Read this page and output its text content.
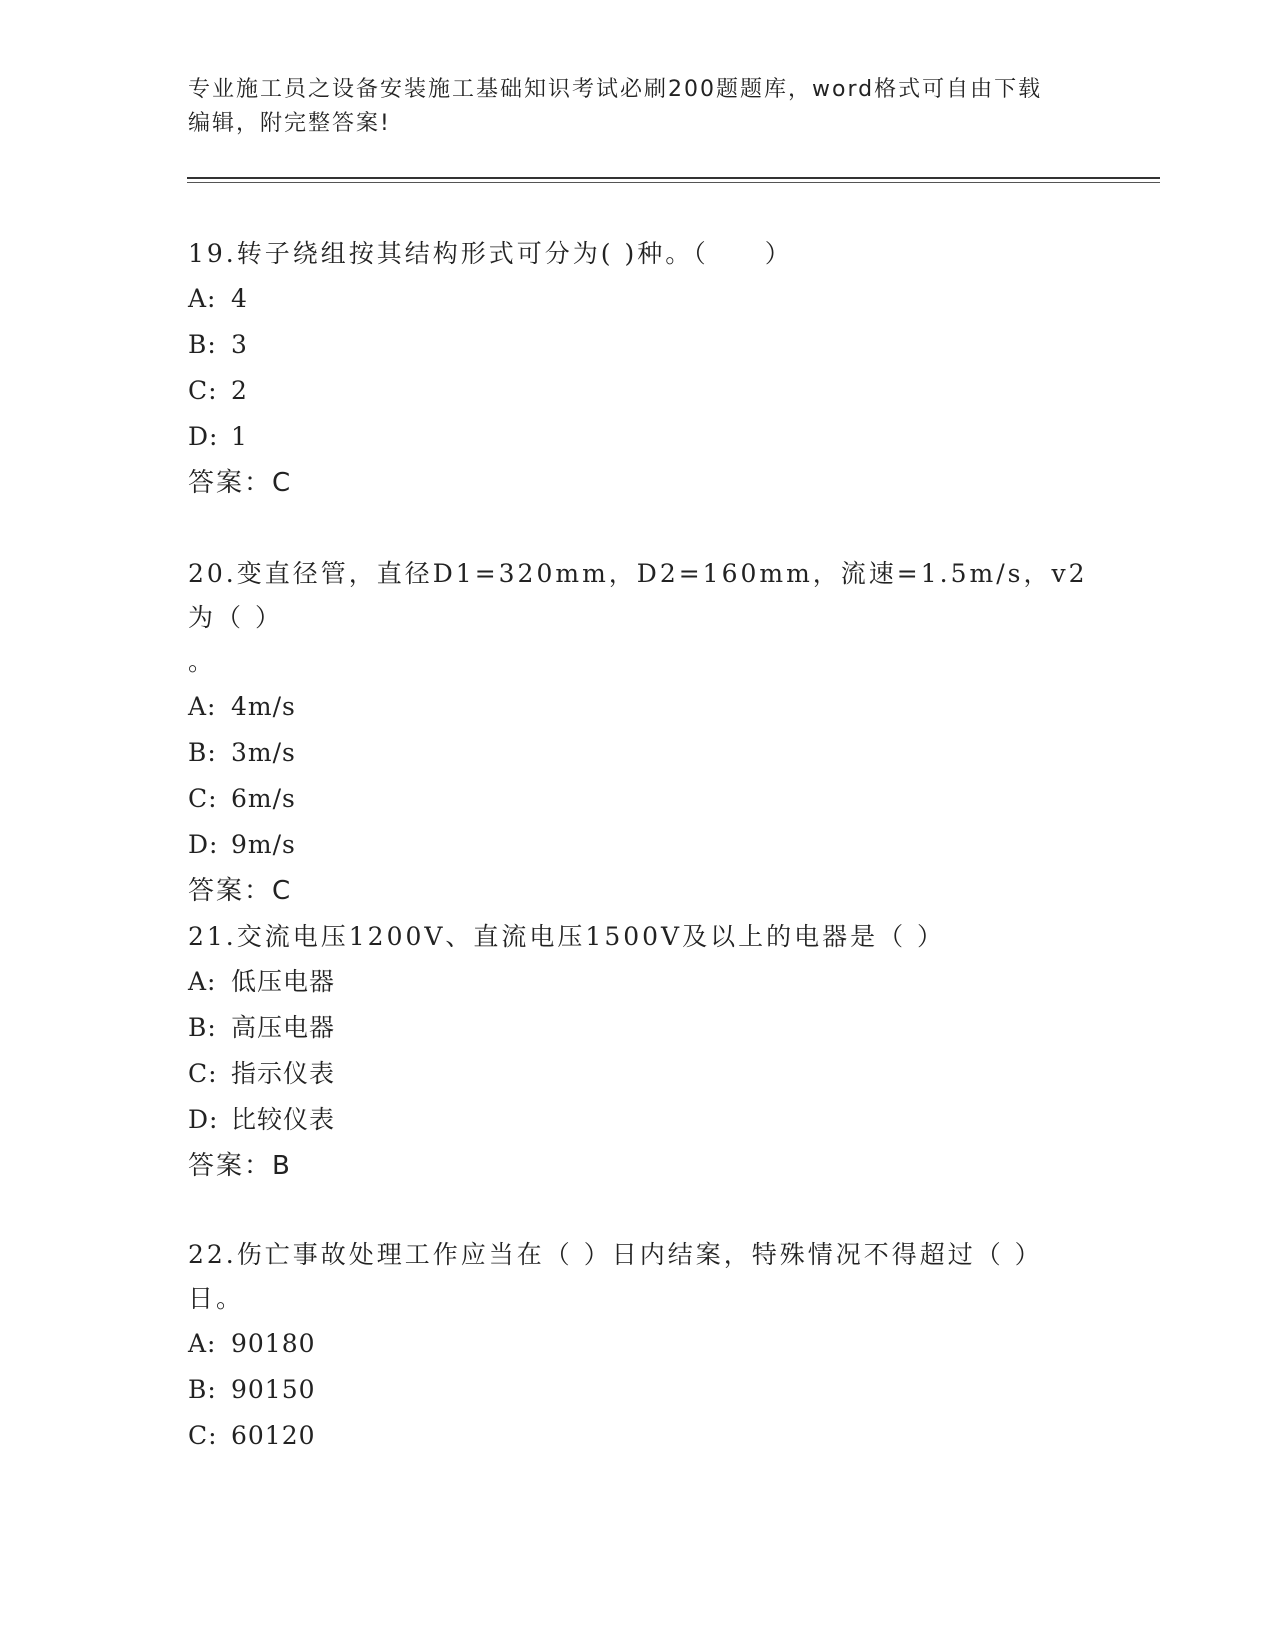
专业施工员之设备安装施工基础知识考试必刷200题题库，word格式可自由下载
编辑，附完整答案!

19.转子绕组按其结构形式可分为( )种。（　　）

A: 4

B: 3

C: 2

D: 1

答案：C

20.变直径管，直径D1=320mm，D2=160mm，流速=1.5m/s，v2为（ ）
。

A: 4m/s

B: 3m/s

C: 6m/s

D: 9m/s

答案：C

21.交流电压1200V、直流电压1500V及以上的电器是（ ）

A: 低压电器

B: 高压电器

C: 指示仪表

D: 比较仪表

答案：B

22.伤亡事故处理工作应当在（ ）日内结案，特殊情况不得超过（ ）
日。

A: 90180

B: 90150

C: 60120
